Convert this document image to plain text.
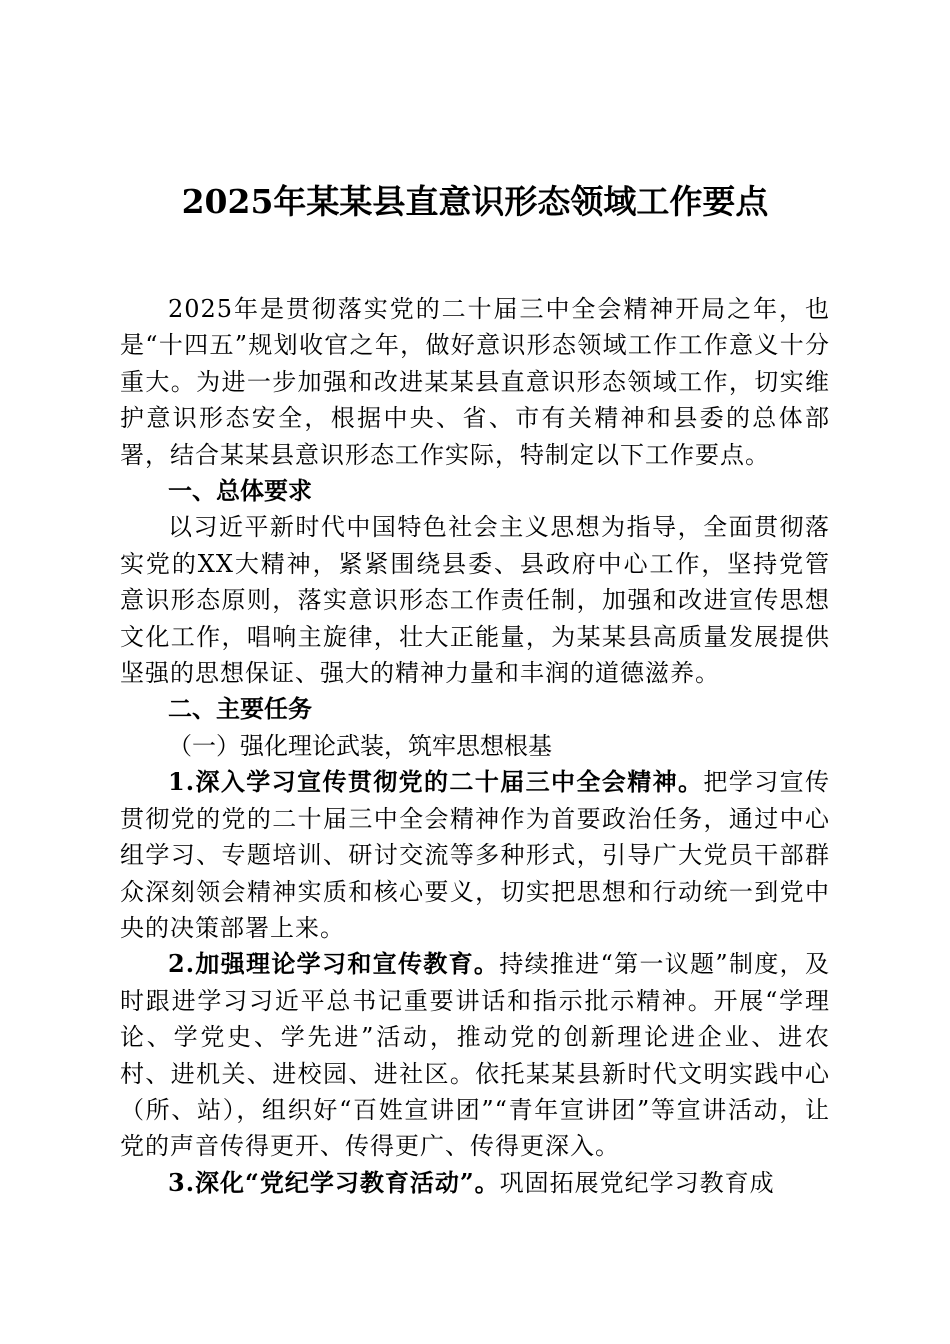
2025年某某县直意识形态领域工作要点

2025年是贯彻落实党的二十届三中全会精神开局之年，也是“十四五”规划收官之年，做好意识形态领域工作工作意义十分重大。为进一步加强和改进某某县直意识形态领域工作，切实维护意识形态安全，根据中央、省、市有关精神和县委的总体部署，结合某某县意识形态工作实际，特制定以下工作要点。

一、总体要求

以习近平新时代中国特色社会主义思想为指导，全面贯彻落实党的XX大精神，紧紧围绕县委、县政府中心工作，坚持党管意识形态原则，落实意识形态工作责任制，加强和改进宣传思想文化工作，唱响主旋律，壮大正能量，为某某县高质量发展提供坚强的思想保证、强大的精神力量和丰润的道德滋养。

二、主要任务

（一）强化理论武装，筑牢思想根基

1.深入学习宣传贯彻党的二十届三中全会精神。把学习宣传贯彻党的党的二十届三中全会精神作为首要政治任务，通过中心组学习、专题培训、研讨交流等多种形式，引导广大党员干部群众深刻领会精神实质和核心要义，切实把思想和行动统一到党中央的决策部署上来。

2.加强理论学习和宣传教育。持续推进“第一议题”制度，及时跟进学习习近平总书记重要讲话和指示批示精神。开展“学理论、学党史、学先进”活动，推动党的创新理论进企业、进农村、进机关、进校园、进社区。依托某某县新时代文明实践中心（所、站），组织好“百姓宣讲团”“青年宣讲团”等宣讲活动，让党的声音传得更开、传得更广、传得更深入。

3.深化“党纪学习教育活动”。巩固拓展党纪学习教育成
